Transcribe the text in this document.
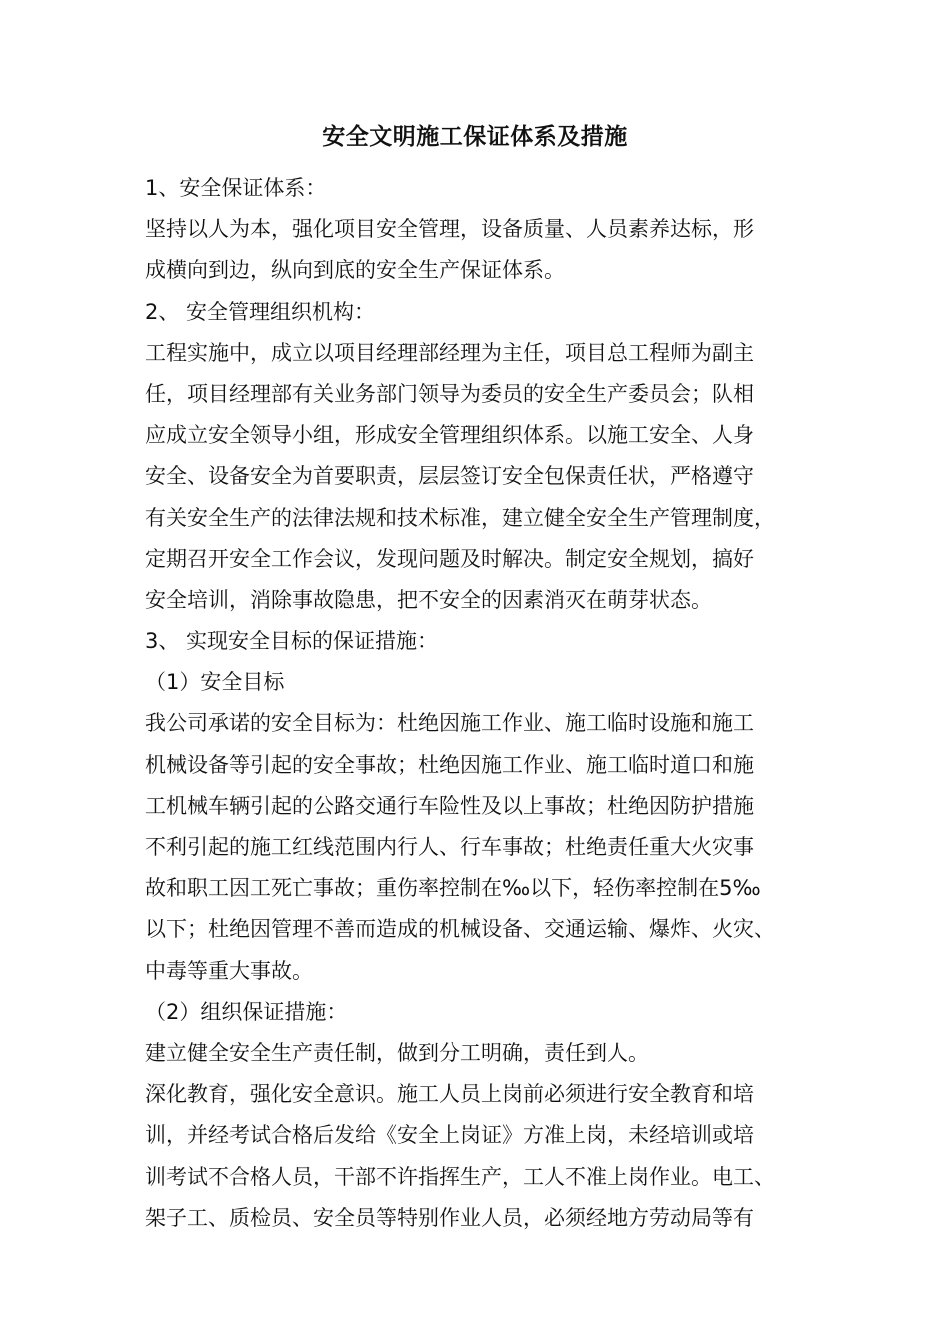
安全文明施工保证体系及措施
1、安全保证体系：
坚持以人为本，强化项目安全管理，设备质量、人员素养达标，形
成横向到边，纵向到底的安全生产保证体系。
2、 安全管理组织机构：
工程实施中，成立以项目经理部经理为主任，项目总工程师为副主
任，项目经理部有关业务部门领导为委员的安全生产委员会；队相
应成立安全领导小组，形成安全管理组织体系。以施工安全、人身
安全、设备安全为首要职责，层层签订安全包保责任状，严格遵守
有关安全生产的法律法规和技术标准，建立健全安全生产管理制度，
定期召开安全工作会议，发现问题及时解决。制定安全规划，搞好
安全培训，消除事故隐患，把不安全的因素消灭在萌芽状态。
3、 实现安全目标的保证措施：
（1）安全目标
我公司承诺的安全目标为：杜绝因施工作业、施工临时设施和施工
机械设备等引起的安全事故；杜绝因施工作业、施工临时道口和施
工机械车辆引起的公路交通行车险性及以上事故；杜绝因防护措施
不利引起的施工红线范围内行人、行车事故；杜绝责任重大火灾事
故和职工因工死亡事故；重伤率控制在‰以下，轻伤率控制在5‰
以下；杜绝因管理不善而造成的机械设备、交通运输、爆炸、火灾、
中毒等重大事故。
（2）组织保证措施：
建立健全安全生产责任制，做到分工明确，责任到人。
深化教育，强化安全意识。施工人员上岗前必须进行安全教育和培
训，并经考试合格后发给《安全上岗证》方准上岗，未经培训或培
训考试不合格人员，干部不许指挥生产，工人不准上岗作业。电工、
架子工、质检员、安全员等特别作业人员，必须经地方劳动局等有
